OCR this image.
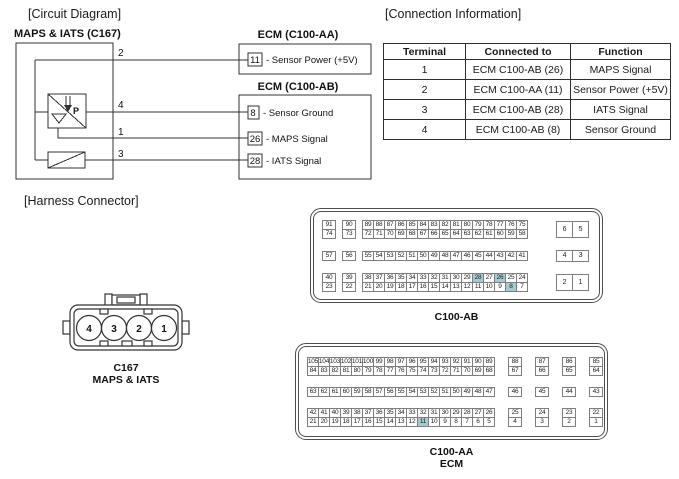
[Circuit Diagram]	[Connection Information]
[Harness Connector]
MAPS & IATS (C167)	ECM (C100-AA)
ECM (C100-AB)
2
4
1
3
P
11 - Sensor Power (+5V)
8 - Sensor Ground
26 - MAPS Signal
28 - IATS Signal
4 3 2 1
Terminal	Connected to	Function
1	ECM C100-AB (26)	MAPS Signal
2	ECM C100-AA (11)	Sensor Power (+5V)
3	ECM C100-AB (28)	IATS Signal
4	ECM C100-AB (8)	Sensor Ground
91
74
90
73
89 88 87 86 85 84 83 82 81 80 79 78 77 76 75
72 71 70 69 68 67 66 65 64 63 62 61 60 59 58
6	5
57	56	55 54 53 52 51 50 49 48 47 46 45 44 43 42 41	4	3
40
23
39
22
38 37 36 35 34 33 32 31 30 29 28 27 26 25 24
21 20 19 18 17 16 15 14 13 12 11 10 9	8	7
2	1
C100-AB
105 104 103 102 101 100 99 98 97 96 95 94 93 92 91 90 89
84 83 82 81 80 79 78 77 76 75 74 73 72 71 70 69 68
88
67
87
66
86
65
85
64
63 62 61 60 59 58 57 56 55 54 53 52 51 50 49 48 47	46	45	44	43
42 41 40 39 38 37 36 35 34 33 32 31 30 29 28 27 26
21 20 19 18 17 16 15 14 13 12 11 10 9	8	7	6	5
25
4
24
3
23
2
22
1
C100-AA
ECM
C167
MAPS & IATS
